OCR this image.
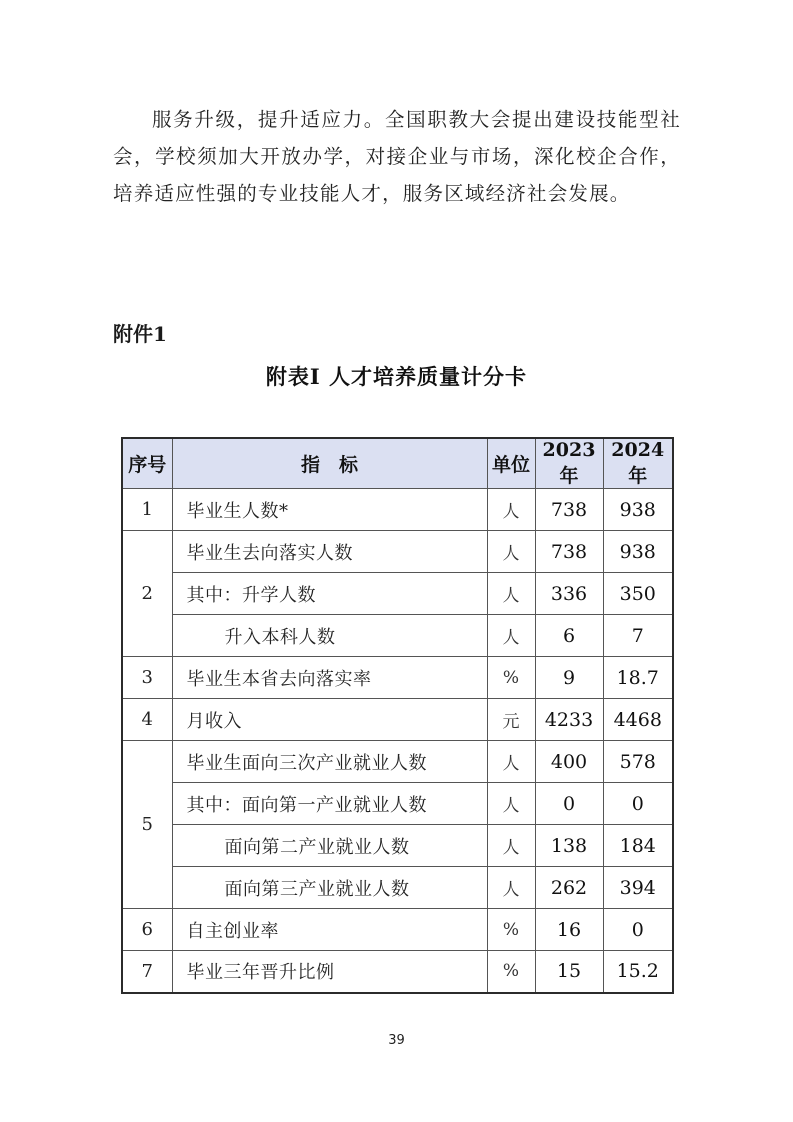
服务升级，提升适应力。全国职教大会提出建设技能型社会，学校须加大开放办学，对接企业与市场，深化校企合作，培养适应性强的专业技能人才，服务区域经济社会发展。

附件1
附表Ⅰ 人才培养质量计分卡
序号	指　标	单位	2023年	2024年
1	毕业生人数*	人	738	938
2	毕业生去向落实人数	人	738	938
	其中：升学人数	人	336	350
	升入本科人数	人	6	7
3	毕业生本省去向落实率	%	9	18.7
4	月收入	元	4233	4468
5	毕业生面向三次产业就业人数	人	400	578
	其中：面向第一产业就业人数	人	0	0
	面向第二产业就业人数	人	138	184
	面向第三产业就业人数	人	262	394
6	自主创业率	%	16	0
7	毕业三年晋升比例	%	15	15.2
39
